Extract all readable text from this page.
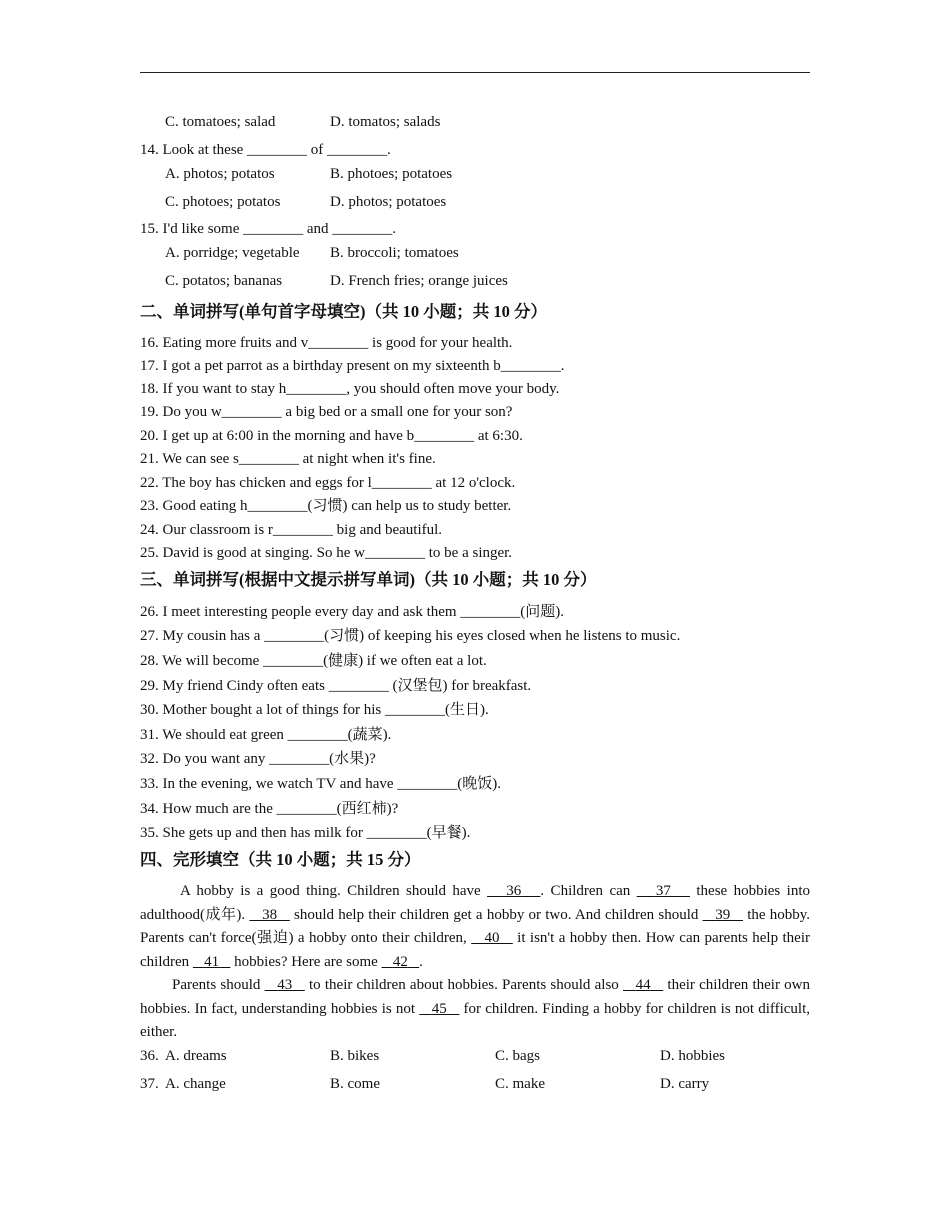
C. tomatoes; salad	D. tomatos; salads
14. Look at these ________ of ________.
A. photos; potatos	B. photoes; potatoes
C. photoes; potatos	D. photos; potatoes
15. I'd like some ________ and ________.
A. porridge; vegetable B. broccoli; tomatoes
C. potatos; bananas	D. French fries; orange juices
二、单词拼写(单句首字母填空)（共 10 小题；共 10 分）
16. Eating more fruits and v________ is good for your health.
17. I got a pet parrot as a birthday present on my sixteenth b________.
18. If you want to stay h________, you should often move your body.
19. Do you w________ a big bed or a small one for your son?
20. I get up at 6:00 in the morning and have b________ at 6:30.
21. We can see s________ at night when it's fine.
22. The boy has chicken and eggs for l________ at 12 o'clock.
23. Good eating h________(习惯) can help us to study better.
24. Our classroom is r________ big and beautiful.
25. David is good at singing. So he w________ to be a singer.
三、单词拼写(根据中文提示拼写单词)（共 10 小题；共 10 分）
26. I meet interesting people every day and ask them ________(问题).
27. My cousin has a ________(习惯) of keeping his eyes closed when he listens to music.
28. We will become ________(健康) if we often eat a lot.
29. My friend Cindy often eats ________ (汉堡包) for breakfast.
30. Mother bought a lot of things for his ________(生日).
31. We should eat green ________(蔬菜).
32. Do you want any ________(水果)?
33. In the evening, we watch TV and have ________(晚饭).
34. How much are the ________(西红柿)?
35. She gets up and then has milk for ________(早餐).
四、完形填空（共 10 小题；共 15 分）
A hobby is a good thing. Children should have    36 . Children can    37    these hobbies into adulthood(成年).    38    should help their children get a hobby or two. And children should    39    the hobby. Parents can't force(强迫) a hobby onto their children,    40    it isn't a hobby then. How can parents help their children    41    hobbies? Here are some    42 .
Parents should    43    to their children about hobbies. Parents should also    44    their children their own hobbies. In fact, understanding hobbies is not    45    for children. Finding a hobby for children is not difficult, either.
36. A. dreams	B. bikes	C. bags	D. hobbies
37. A. change	B. come	C. make	D. carry
